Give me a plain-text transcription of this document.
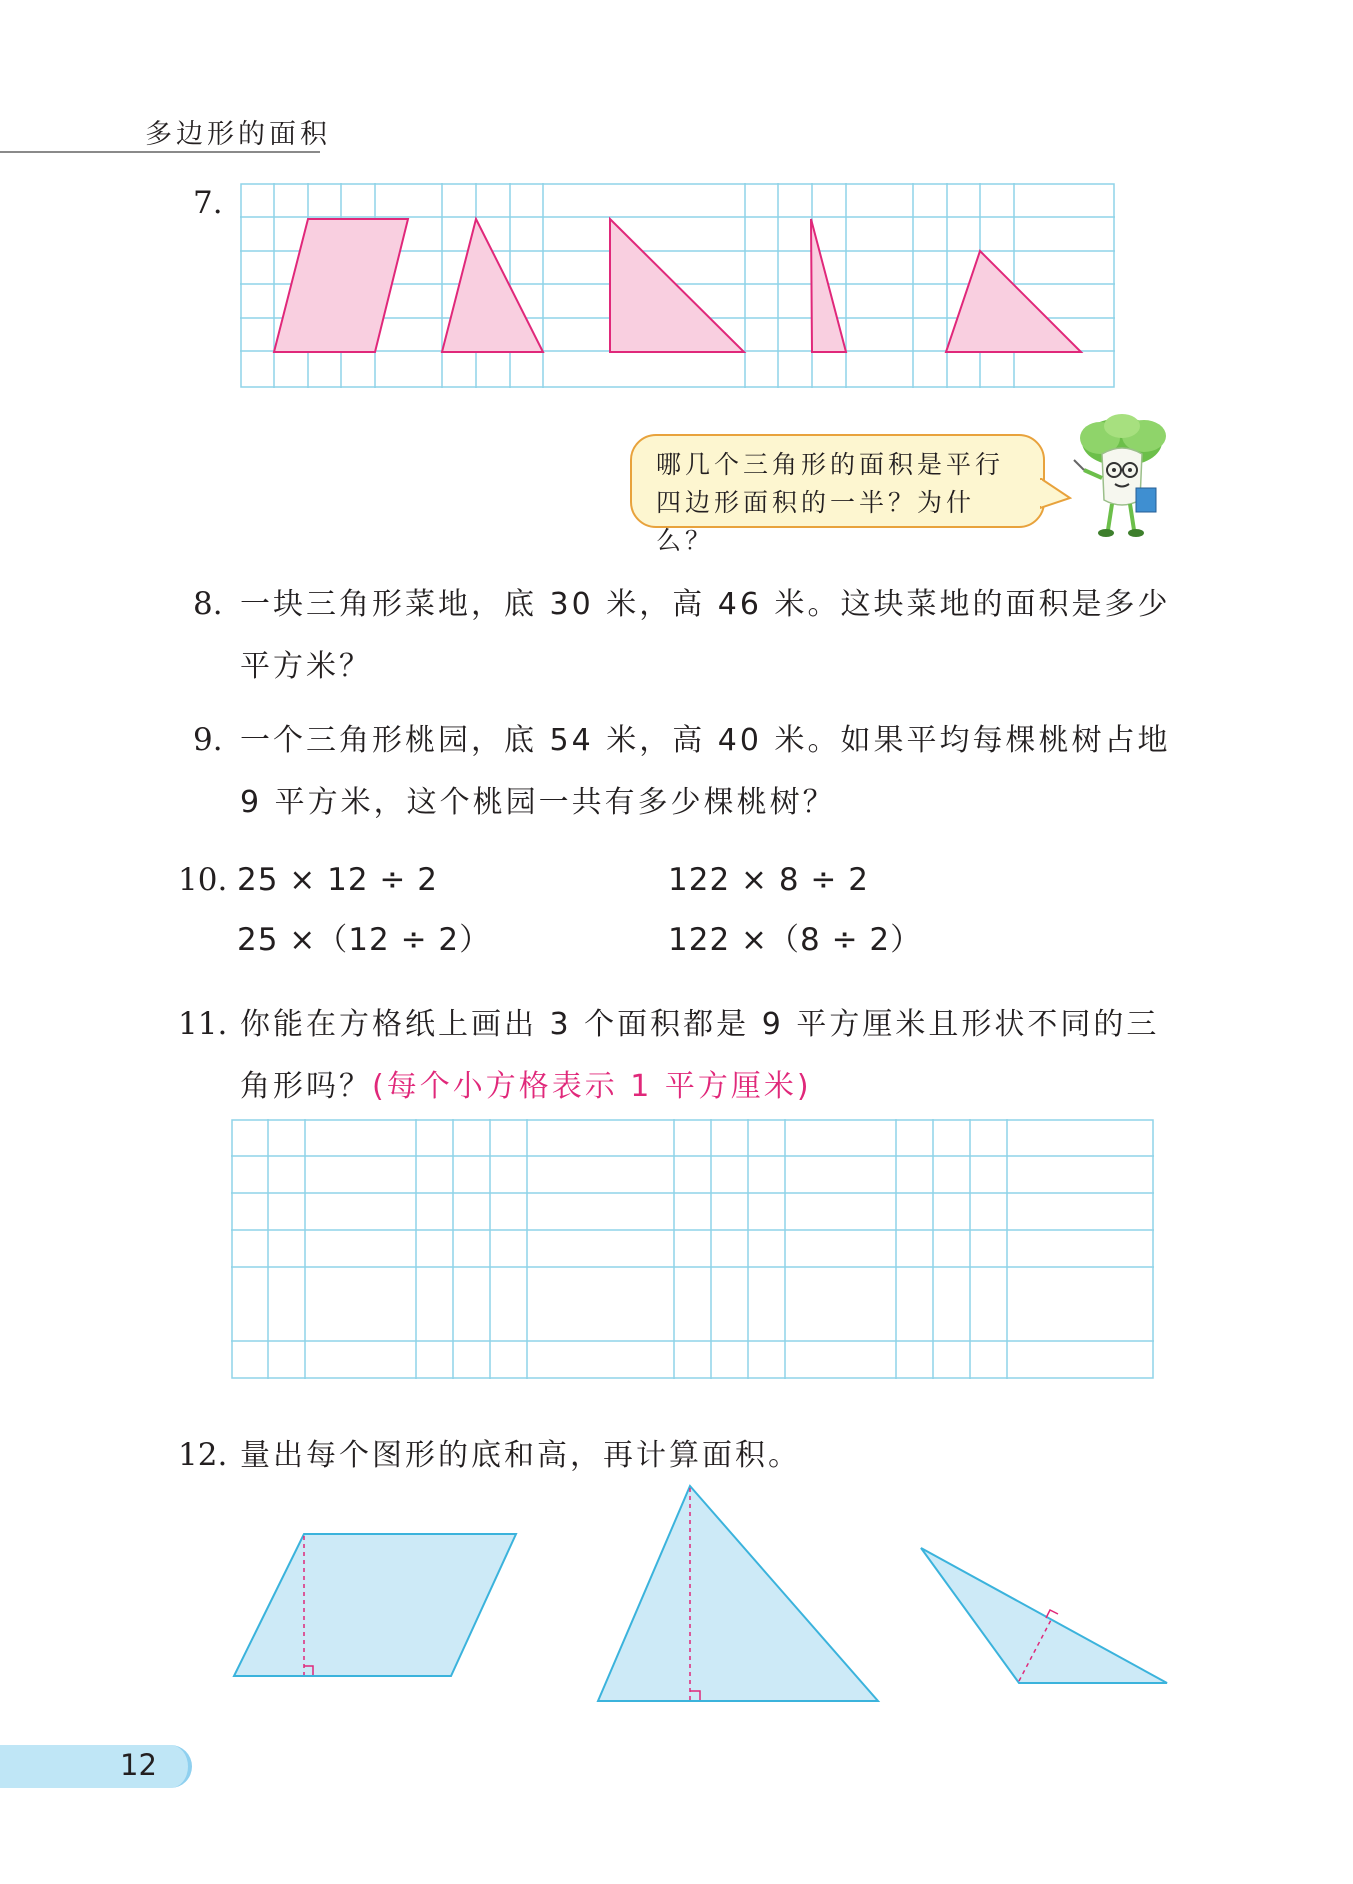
多边形的面积
7.
哪几个三角形的面积是平行
四边形面积的一半？为什么？
8. 一块三角形菜地，底 30 米，高 46 米。这块菜地的面积是多少
平方米？
9. 一个三角形桃园，底 54 米，高 40 米。如果平均每棵桃树占地
9 平方米，这个桃园一共有多少棵桃树？
10. 25 × 12 ÷ 2
25 ×（12 ÷ 2）
122 × 8 ÷ 2
122 ×（8 ÷ 2）
11. 你能在方格纸上画出 3 个面积都是 9 平方厘米且形状不同的三
角形吗？(每个小方格表示 1 平方厘米)
12. 量出每个图形的底和高，再计算面积。
12
